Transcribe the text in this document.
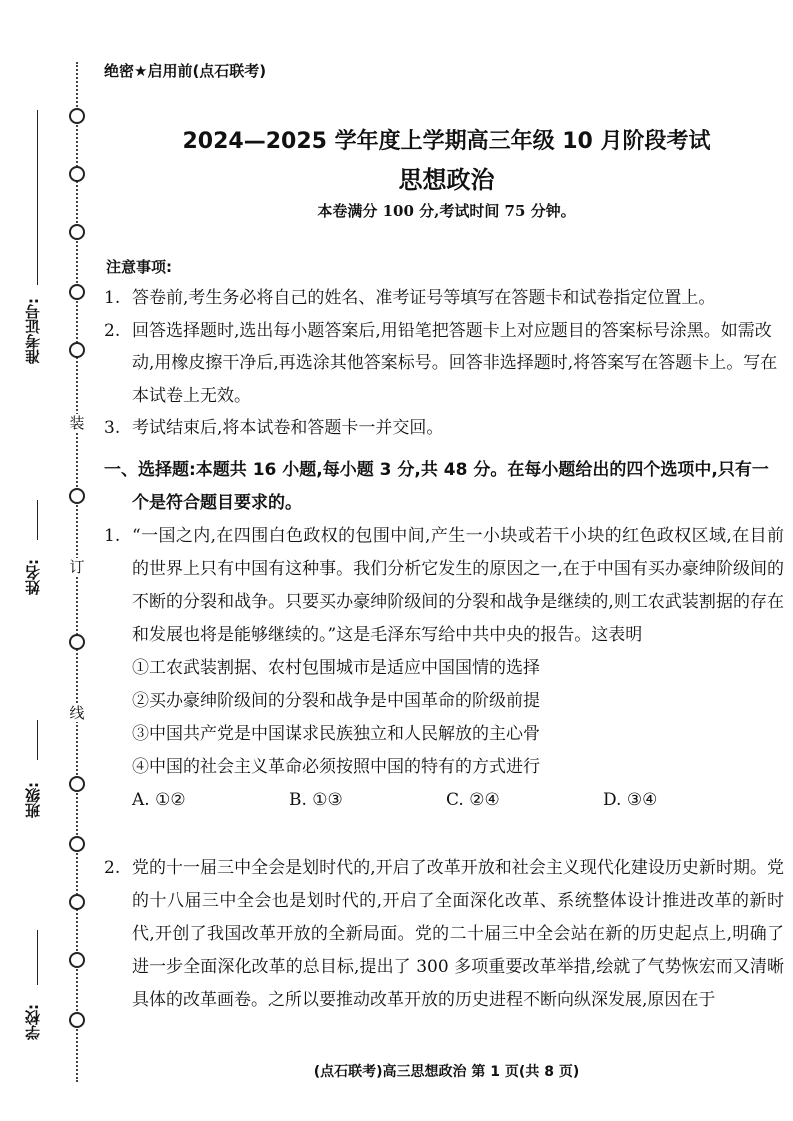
装
订
线
准考证号:
姓名:
班级:
学校:
绝密★启用前(点石联考)
2024—2025 学年度上学期高三年级 10 月阶段考试
思想政治
本卷满分 100 分,考试时间 75 分钟。
注意事项:
1. 答卷前,考生务必将自己的姓名、准考证号等填写在答题卡和试卷指定位置上。
2. 回答选择题时,选出每小题答案后,用铅笔把答题卡上对应题目的答案标号涂黑。如需改动,用橡皮擦干净后,再选涂其他答案标号。回答非选择题时,将答案写在答题卡上。写在本试卷上无效。
3. 考试结束后,将本试卷和答题卡一并交回。
一、选择题:本题共 16 小题,每小题 3 分,共 48 分。在每小题给出的四个选项中,只有一个是符合题目要求的。
1. “一国之内,在四围白色政权的包围中间,产生一小块或若干小块的红色政权区域,在目前的世界上只有中国有这种事。我们分析它发生的原因之一,在于中国有买办豪绅阶级间的不断的分裂和战争。只要买办豪绅阶级间的分裂和战争是继续的,则工农武装割据的存在和发展也将是能够继续的。”这是毛泽东写给中共中央的报告。这表明
①工农武装割据、农村包围城市是适应中国国情的选择
②买办豪绅阶级间的分裂和战争是中国革命的阶级前提
③中国共产党是中国谋求民族独立和人民解放的主心骨
④中国的社会主义革命必须按照中国的特有的方式进行
A. ①②	B. ①③	C. ②④	D. ③④
2. 党的十一届三中全会是划时代的,开启了改革开放和社会主义现代化建设历史新时期。党的十八届三中全会也是划时代的,开启了全面深化改革、系统整体设计推进改革的新时代,开创了我国改革开放的全新局面。党的二十届三中全会站在新的历史起点上,明确了进一步全面深化改革的总目标,提出了 300 多项重要改革举措,绘就了气势恢宏而又清晰具体的改革画卷。之所以要推动改革开放的历史进程不断向纵深发展,原因在于
(点石联考)高三思想政治 第 1 页(共 8 页)
